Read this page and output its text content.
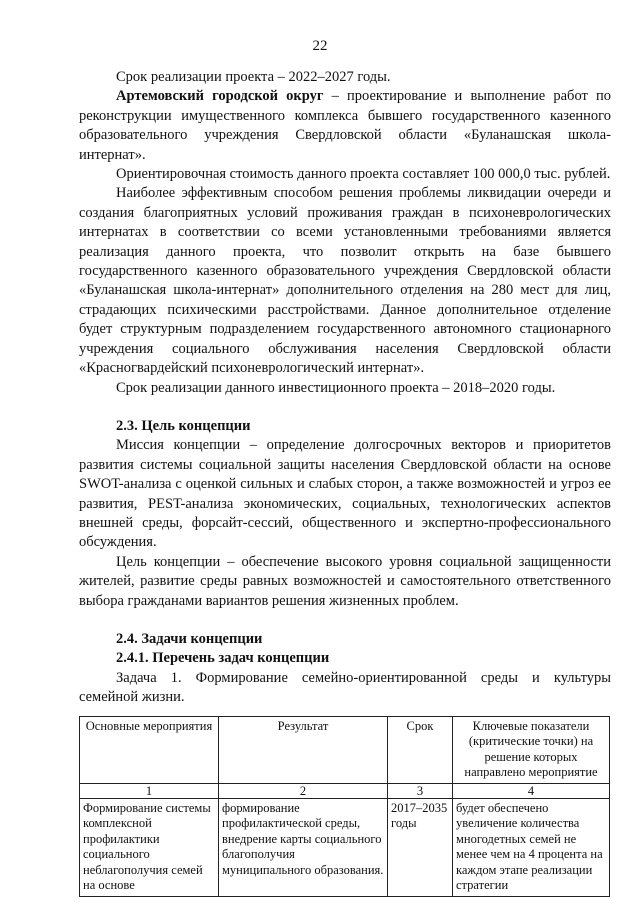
22

Срок реализации проекта – 2022–2027 годы.

Артемовский городской округ – проектирование и выполнение работ по реконструкции имущественного комплекса бывшего государственного казенного образовательного учреждения Свердловской области «Буланашская школа-интернат».

Ориентировочная стоимость данного проекта составляет 100 000,0 тыс. рублей.

Наиболее эффективным способом решения проблемы ликвидации очереди и создания благоприятных условий проживания граждан в психоневрологических интернатах в соответствии со всеми установленными требованиями является реализация данного проекта, что позволит открыть на базе бывшего государственного казенного образовательного учреждения Свердловской области «Буланашская школа-интернат» дополнительного отделения на 280 мест для лиц, страдающих психическими расстройствами. Данное дополнительное отделение будет структурным подразделением государственного автономного стационарного учреждения социального обслуживания населения Свердловской области «Красногвардейский психоневрологический интернат».

Срок реализации данного инвестиционного проекта – 2018–2020 годы.

2.3. Цель концепции

Миссия концепции – определение долгосрочных векторов и приоритетов развития системы социальной защиты населения Свердловской области на основе SWOT-анализа с оценкой сильных и слабых сторон, а также возможностей и угроз ее развития, PEST-анализа экономических, социальных, технологических аспектов внешней среды, форсайт-сессий, общественного и экспертно-профессионального обсуждения.

Цель концепции – обеспечение высокого уровня социальной защищенности жителей, развитие среды равных возможностей и самостоятельного ответственного выбора гражданами вариантов решения жизненных проблем.

2.4. Задачи концепции

2.4.1. Перечень задач концепции

Задача 1. Формирование семейно-ориентированной среды и культуры семейной жизни.

Основные мероприятия	Результат	Срок	Ключевые показатели (критические точки) на решение которых направлено мероприятие
1	2	3	4
Формирование системы комплексной профилактики социального неблагополучия семей на основе	формирование профилактической среды, внедрение карты социального благополучия муниципального образования.	2017–2035 годы	будет обеспечено увеличение количества многодетных семей не менее чем на 4 процента на каждом этапе реализации стратегии
